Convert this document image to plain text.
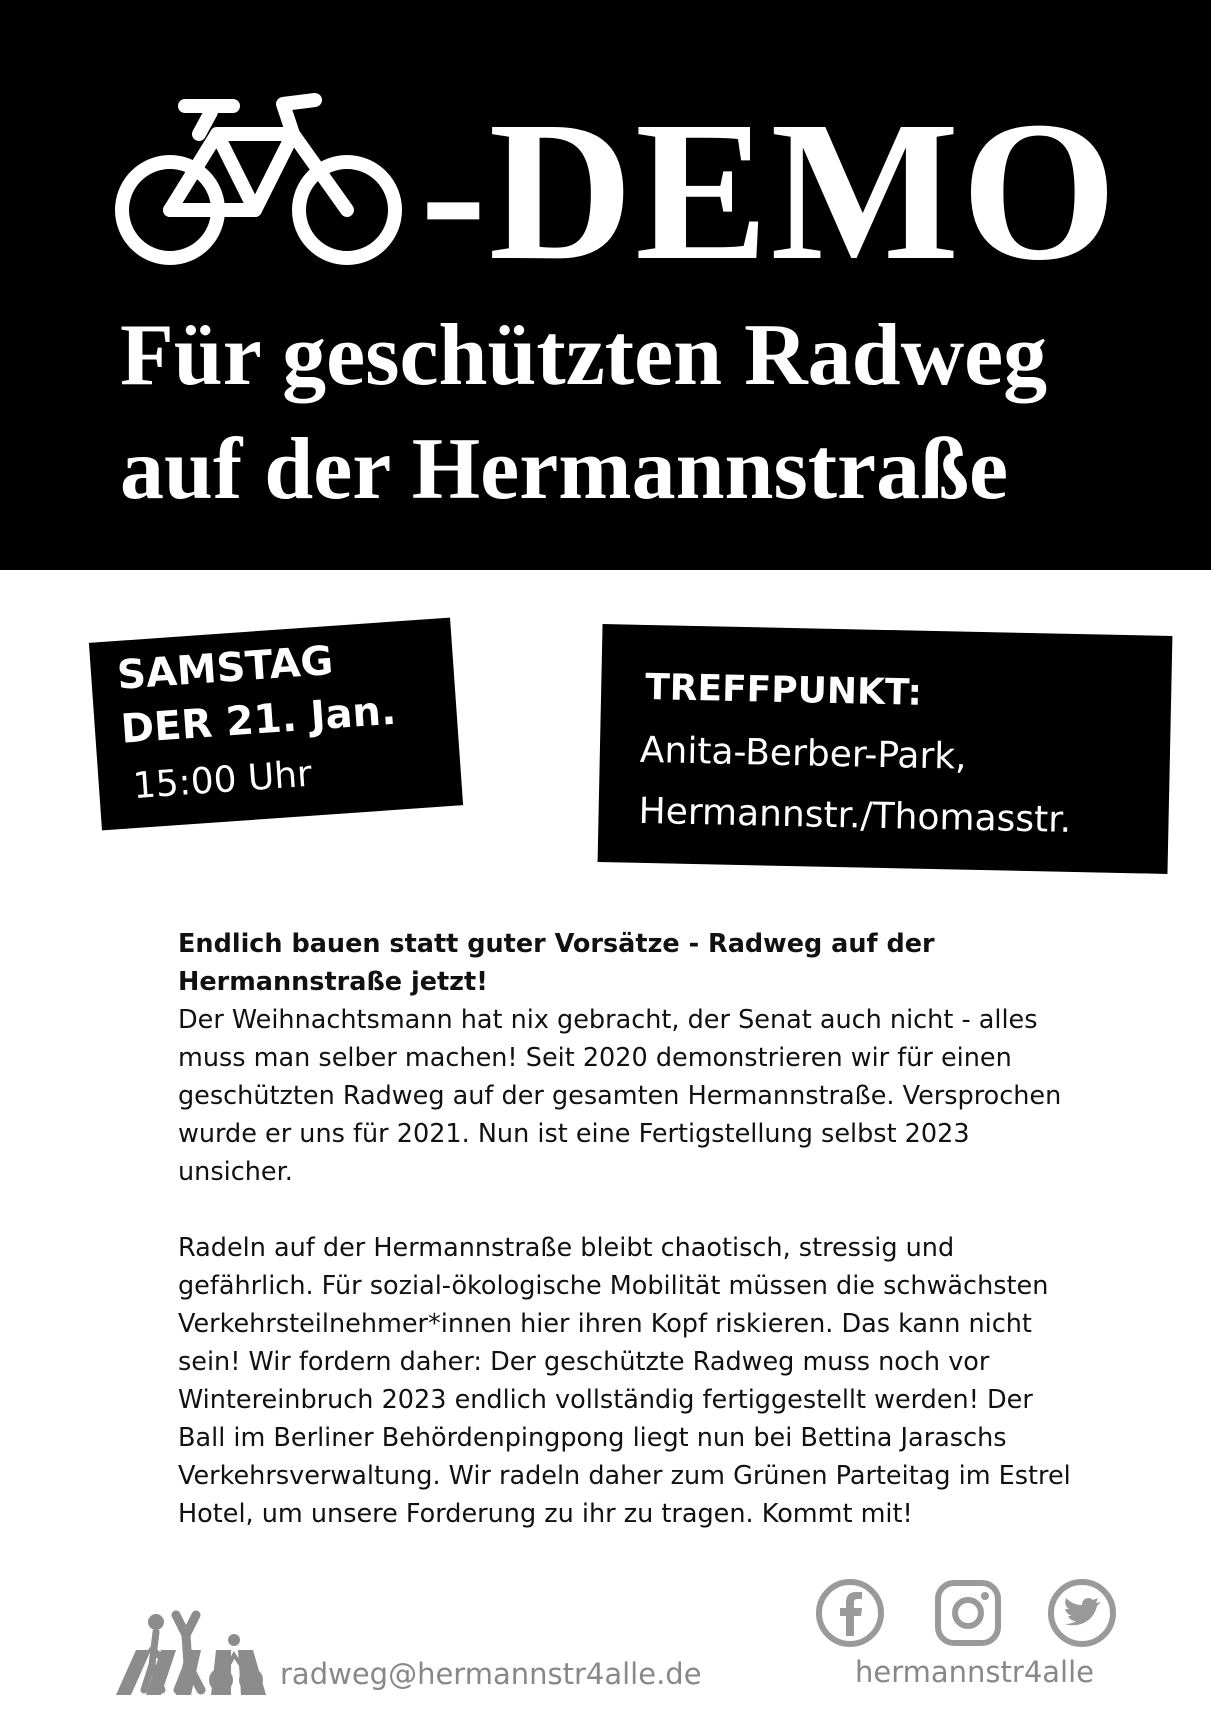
-DEMO
Für geschützten Radweg
auf der Hermannstraße
SAMSTAG
DER 21. Jan.
15:00 Uhr
TREFFPUNKT:
Anita-Berber-Park,
Hermannstr./Thomasstr.

Endlich bauen statt guter Vorsätze - Radweg auf der Hermannstraße jetzt!

Der Weihnachtsmann hat nix gebracht, der Senat auch nicht - alles muss man selber machen! Seit 2020 demonstrieren wir für einen geschützten Radweg auf der gesamten Hermannstraße. Versprochen wurde er uns für 2021. Nun ist eine Fertigstellung selbst 2023 unsicher.

Radeln auf der Hermannstraße bleibt chaotisch, stressig und gefährlich. Für sozial-ökologische Mobilität müssen die schwächsten Verkehrsteilnehmer*innen hier ihren Kopf riskieren. Das kann nicht sein! Wir fordern daher: Der geschützte Radweg muss noch vor Wintereinbruch 2023 endlich vollständig fertiggestellt werden! Der Ball im Berliner Behördenpingpong liegt nun bei Bettina Jaraschs Verkehrsverwaltung. Wir radeln daher zum Grünen Parteitag im Estrel Hotel, um unsere Forderung zu ihr zu tragen. Kommt mit!

radweg@hermannstr4alle.de	hermannstr4alle
